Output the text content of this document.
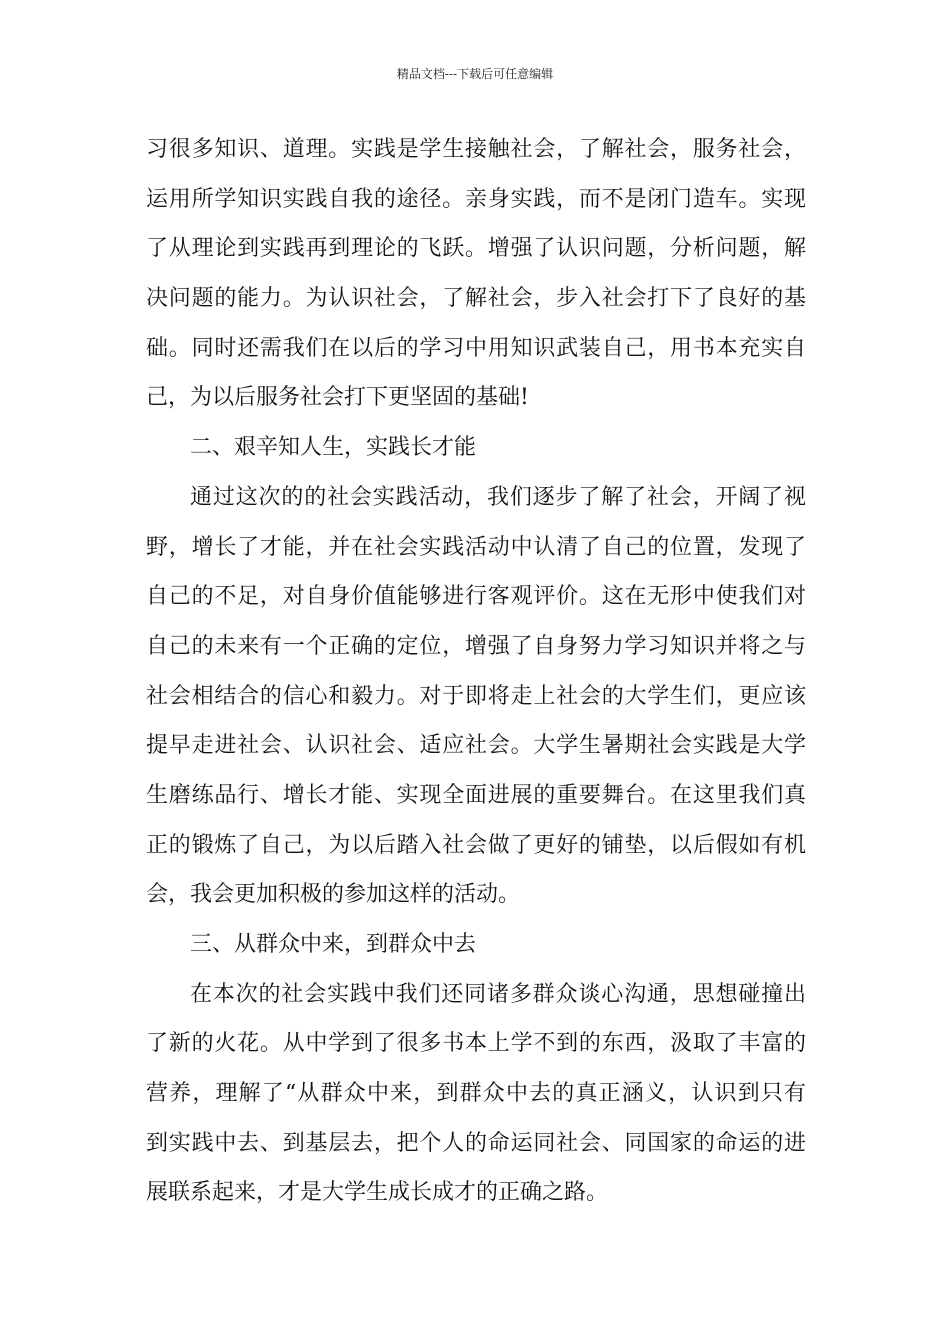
精品文档---下载后可任意编辑
习很多知识、道理。实践是学生接触社会，了解社会，服务社会，
运用所学知识实践自我的途径。亲身实践，而不是闭门造车。实现
了从理论到实践再到理论的飞跃。增强了认识问题，分析问题，解
决问题的能力。为认识社会，了解社会，步入社会打下了良好的基
础。同时还需我们在以后的学习中用知识武装自己，用书本充实自
己，为以后服务社会打下更坚固的基础!
二、艰辛知人生，实践长才能
通过这次的的社会实践活动，我们逐步了解了社会，开阔了视
野，增长了才能，并在社会实践活动中认清了自己的位置，发现了
自己的不足，对自身价值能够进行客观评价。这在无形中使我们对
自己的未来有一个正确的定位，增强了自身努力学习知识并将之与
社会相结合的信心和毅力。对于即将走上社会的大学生们，更应该
提早走进社会、认识社会、适应社会。大学生暑期社会实践是大学
生磨练品行、增长才能、实现全面进展的重要舞台。在这里我们真
正的锻炼了自己，为以后踏入社会做了更好的铺垫，以后假如有机
会，我会更加积极的参加这样的活动。
三、从群众中来，到群众中去
在本次的社会实践中我们还同诸多群众谈心沟通，思想碰撞出
了新的火花。从中学到了很多书本上学不到的东西，汲取了丰富的
营养，理解了“从群众中来，到群众中去的真正涵义，认识到只有
到实践中去、到基层去，把个人的命运同社会、同国家的命运的进
展联系起来，才是大学生成长成才的正确之路。
